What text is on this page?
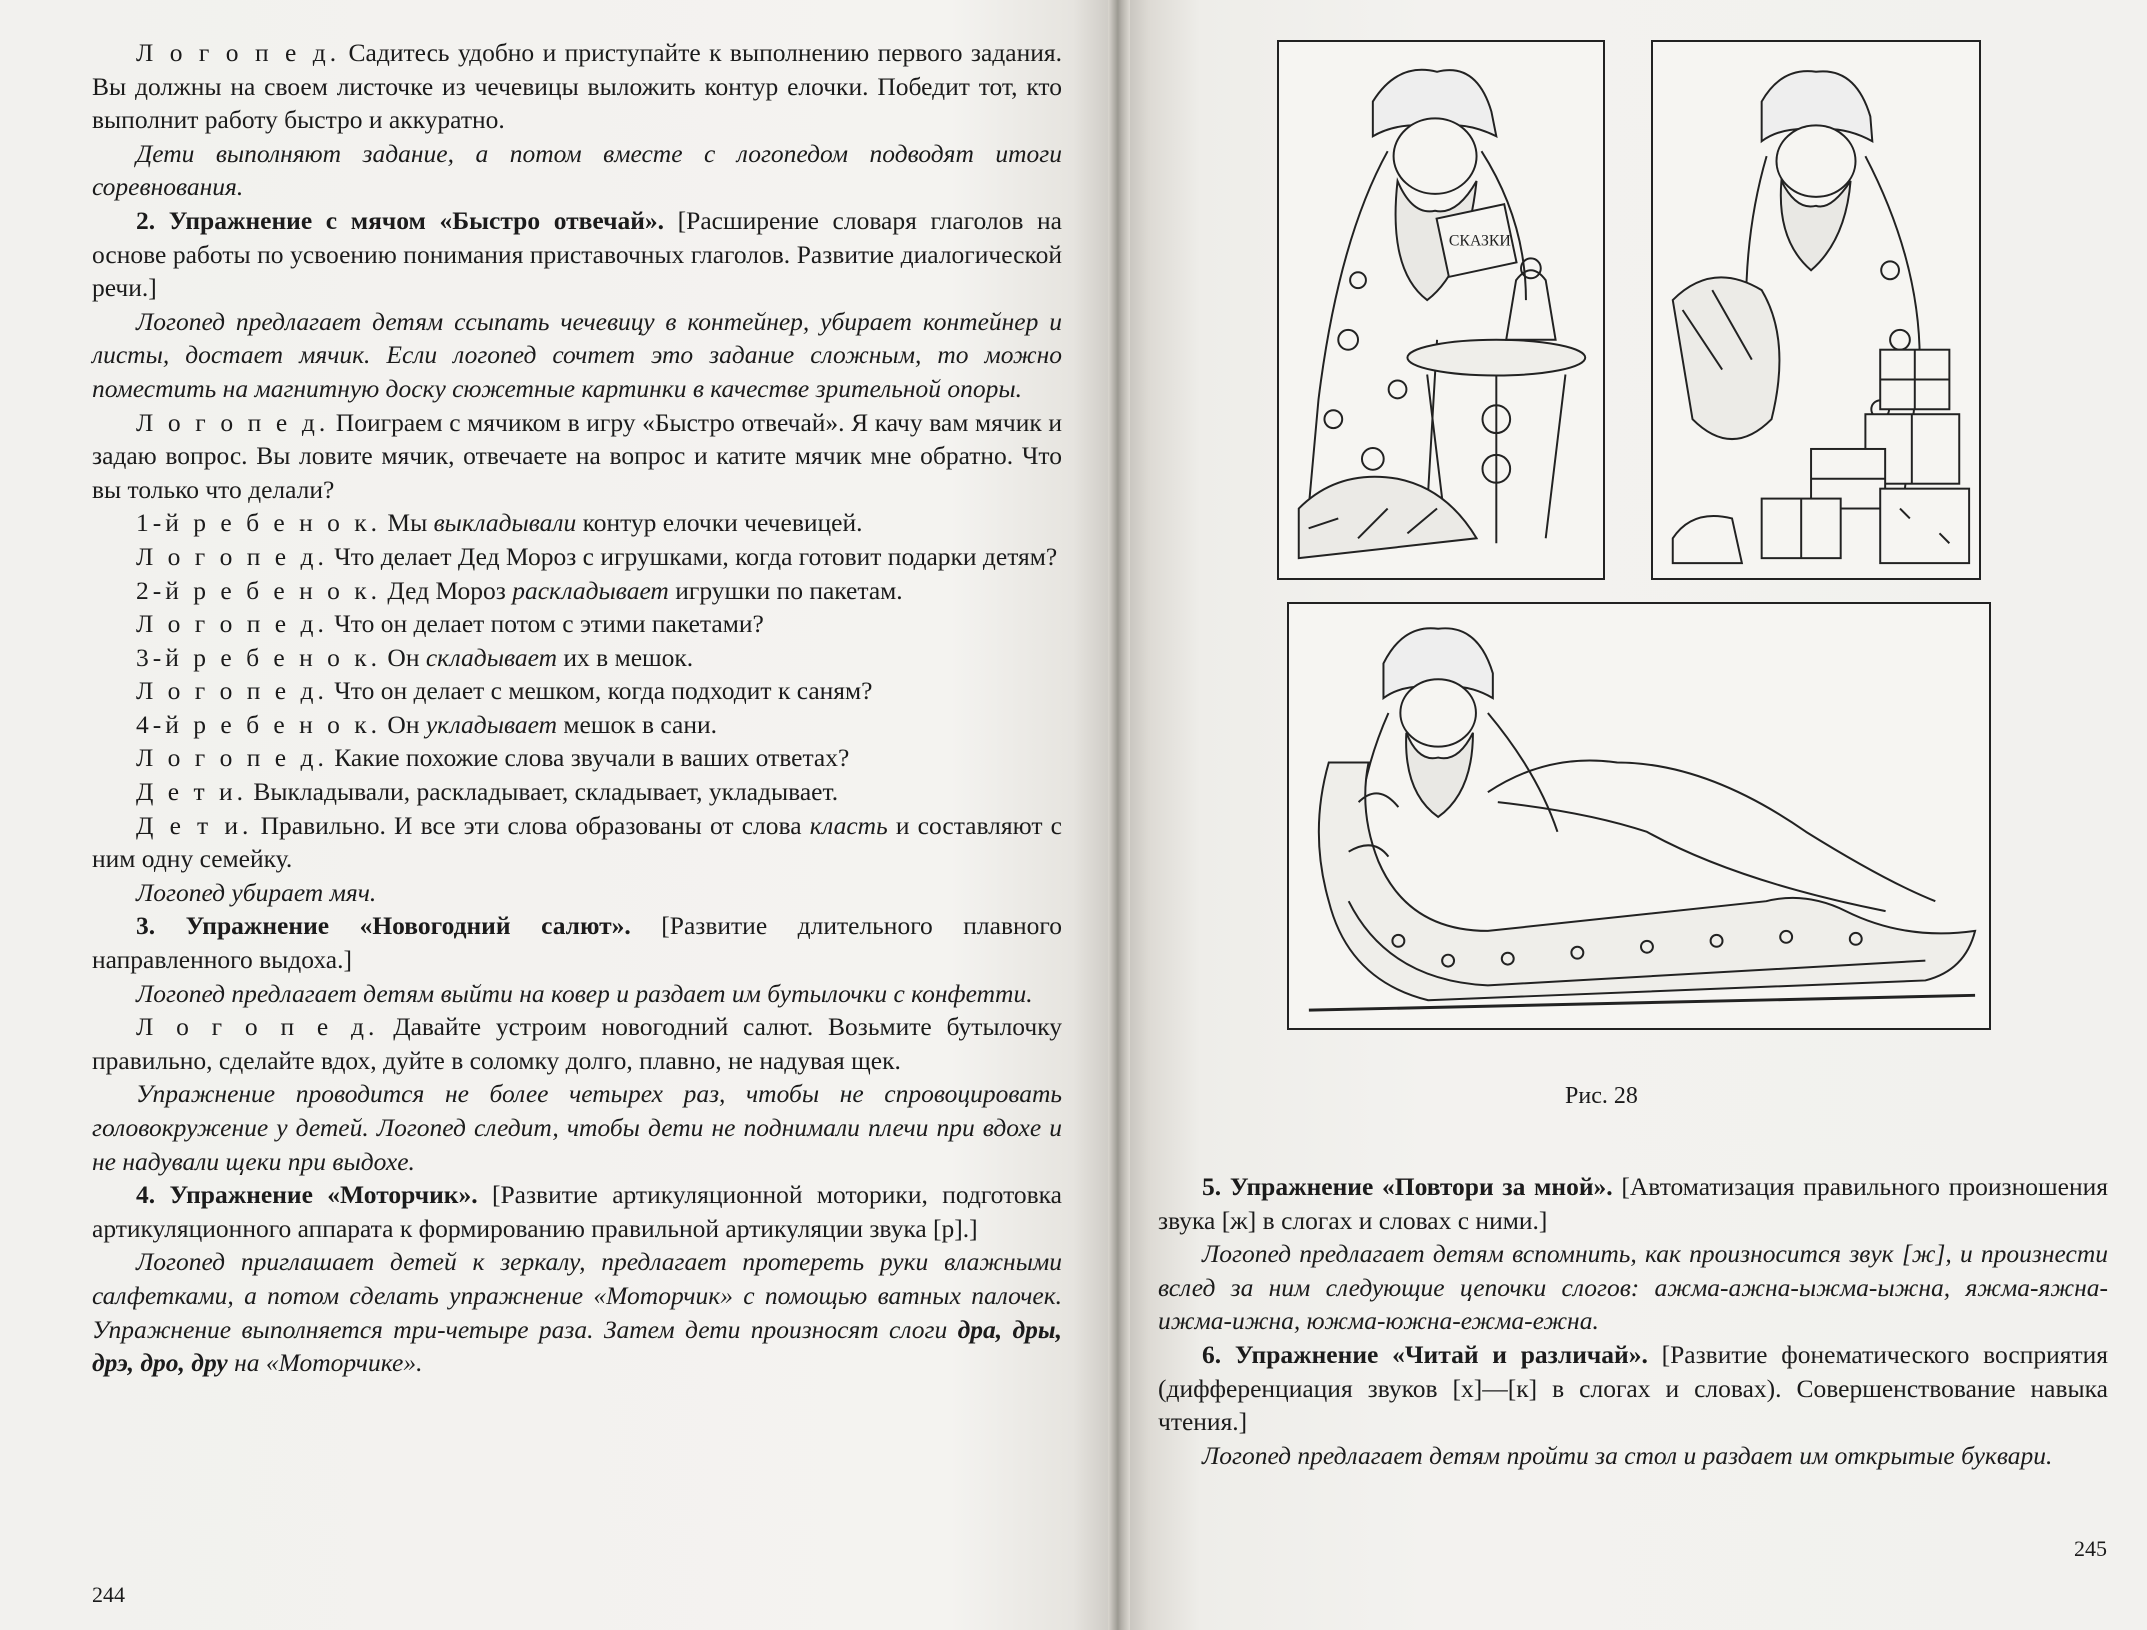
Л о г о п е д. Садитесь удобно и приступайте к выполнению первого задания. Вы должны на своем листочке из чечевицы выложить контур елочки. Победит тот, кто выполнит работу быстро и аккуратно.

Дети выполняют задание, а потом вместе с логопедом подводят итоги соревнования.

2. Упражнение с мячом «Быстро отвечай». [Расширение словаря глаголов на основе работы по усвоению понимания приставочных глаголов. Развитие диалогической речи.]

Логопед предлагает детям ссыпать чечевицу в контейнер, убирает контейнер и листы, достает мячик. Если логопед сочтет это задание сложным, то можно поместить на магнитную доску сюжетные картинки в качестве зрительной опоры.

Л о г о п е д. Поиграем с мячиком в игру «Быстро отвечай». Я качу вам мячик и задаю вопрос. Вы ловите мячик, отвечаете на вопрос и катите мячик мне обратно. Что вы только что делали?

1-й р е б е н о к. Мы выкладывали контур елочки чечевицей.

Л о г о п е д. Что делает Дед Мороз с игрушками, когда готовит подарки детям?

2-й р е б е н о к. Дед Мороз раскладывает игрушки по пакетам.

Л о г о п е д. Что он делает потом с этими пакетами?

3-й р е б е н о к. Он складывает их в мешок.

Л о г о п е д. Что он делает с мешком, когда подходит к саням?

4-й р е б е н о к. Он укладывает мешок в сани.

Л о г о п е д. Какие похожие слова звучали в ваших ответах?

Д е т и. Выкладывали, раскладывает, складывает, укладывает.

Д е т и. Правильно. И все эти слова образованы от слова класть и составляют с ним одну семейку.

Логопед убирает мяч.

3. Упражнение «Новогодний салют». [Развитие длительного плавного направленного выдоха.]

Логопед предлагает детям выйти на ковер и раздает им бутылочки с конфетти.

Л о г о п е д. Давайте устроим новогодний салют. Возьмите бутылочку правильно, сделайте вдох, дуйте в соломку долго, плавно, не надувая щек.

Упражнение проводится не более четырех раз, чтобы не спровоцировать головокружение у детей. Логопед следит, чтобы дети не поднимали плечи при вдохе и не надували щеки при выдохе.

4. Упражнение «Моторчик». [Развитие артикуляционной моторики, подготовка артикуляционного аппарата к формированию правильной артикуляции звука [р].]

Логопед приглашает детей к зеркалу, предлагает протереть руки влажными салфетками, а потом сделать упражнение «Моторчик» с помощью ватных палочек. Упражнение выполняется три-четыре раза. Затем дети произносят слоги дра, дры, дрэ, дро, дру на «Моторчике».

244
СКАЗКИ
Рис. 28

5. Упражнение «Повтори за мной». [Автоматизация правильного произношения звука [ж] в слогах и словах с ними.]

Логопед предлагает детям вспомнить, как произносится звук [ж], и произнести вслед за ним следующие цепочки слогов: ажма-ажна-ыжма-ыжна, яжма-яжна-ижма-ижна, южма-южна-ежма-ежна.

6. Упражнение «Читай и различай». [Развитие фонематического восприятия (дифференциация звуков [х]—[к] в слогах и словах). Совершенствование навыка чтения.]

Логопед предлагает детям пройти за стол и раздает им открытые буквари.

245
